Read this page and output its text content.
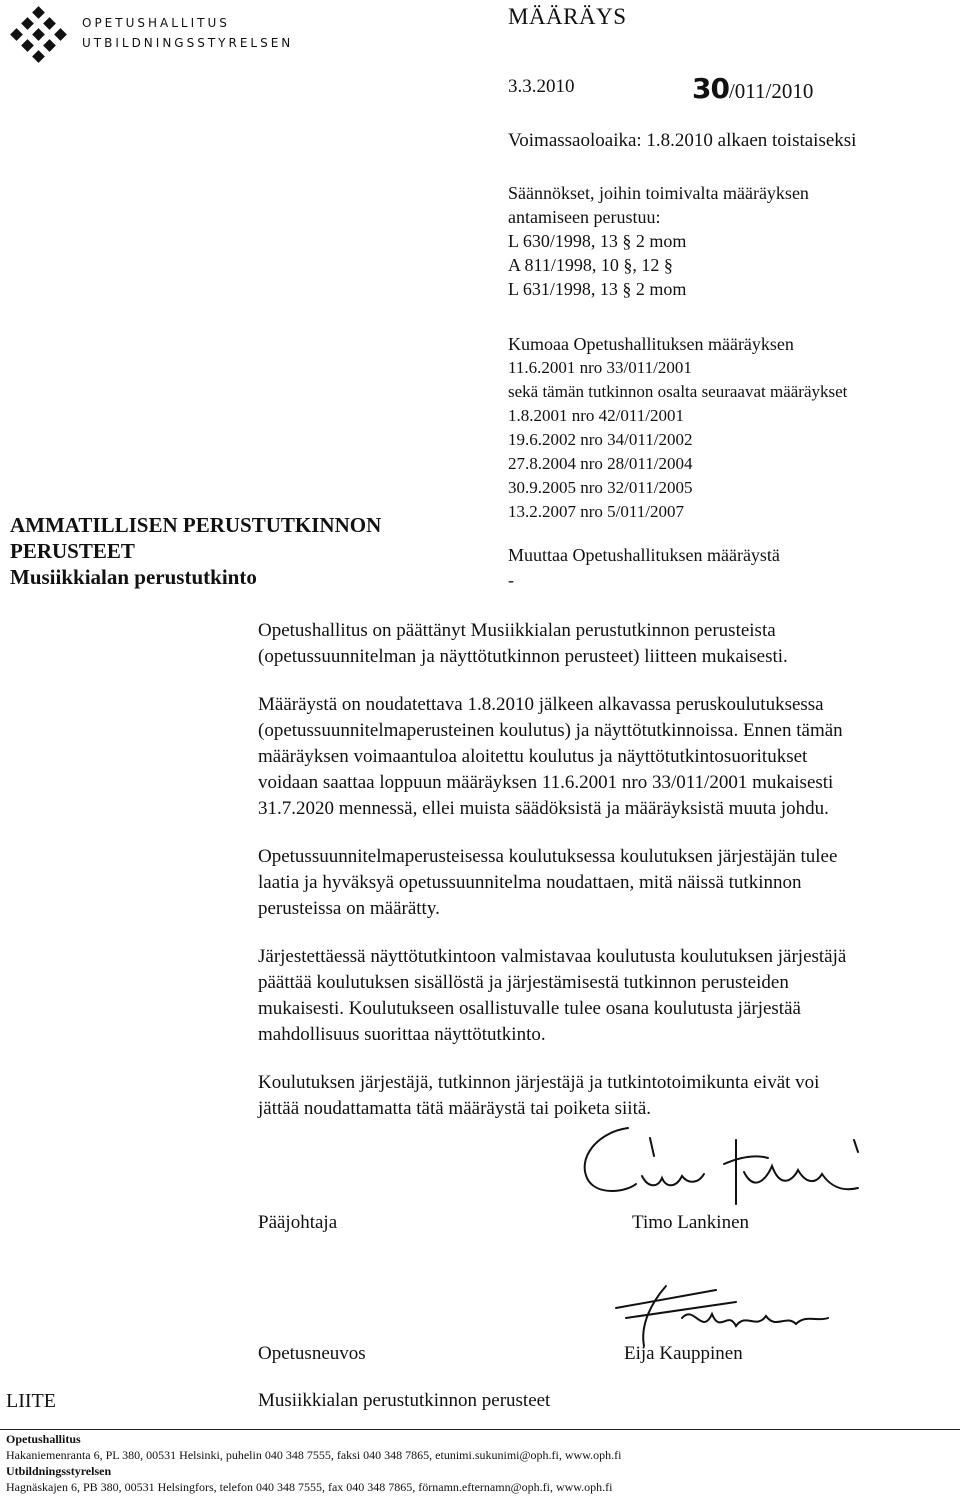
OPETUSHALLITUS
UTBILDNINGSSTYRELSEN
MÄÄRÄYS
3.3.2010	30/011/2010
Voimassaoloaika: 1.8.2010 alkaen toistaiseksi

Säännökset, joihin toimivalta määräyksen

antamiseen perustuu:

L 630/1998, 13 § 2 mom

A 811/1998, 10 §, 12 §

L 631/1998, 13 § 2 mom

Kumoaa Opetushallituksen määräyksen

11.6.2001 nro 33/011/2001

sekä tämän tutkinnon osalta seuraavat määräykset

1.8.2001 nro 42/011/2001

19.6.2002 nro 34/011/2002

27.8.2004 nro 28/011/2004

30.9.2005 nro 32/011/2005

13.2.2007 nro 5/011/2007

Muuttaa Opetushallituksen määräystä
-

AMMATILLISEN PERUSTUTKINNON

PERUSTEET

Musiikkialan perustutkinto

Opetushallitus on päättänyt Musiikkialan perustutkinnon perusteista

(opetussuunnitelman ja näyttötutkinnon perusteet) liitteen mukaisesti.

Määräystä on noudatettava 1.8.2010 jälkeen alkavassa peruskoulutuksessa

(opetussuunnitelmaperusteinen koulutus) ja näyttötutkinnoissa. Ennen tämän

määräyksen voimaantuloa aloitettu koulutus ja näyttötutkintosuoritukset

voidaan saattaa loppuun määräyksen 11.6.2001 nro 33/011/2001 mukaisesti

31.7.2020 mennessä, ellei muista säädöksistä ja määräyksistä muuta johdu.

Opetussuunnitelmaperusteisessa koulutuksessa koulutuksen järjestäjän tulee

laatia ja hyväksyä opetussuunnitelma noudattaen, mitä näissä tutkinnon

perusteissa on määrätty.

Järjestettäessä näyttötutkintoon valmistavaa koulutusta koulutuksen järjestäjä

päättää koulutuksen sisällöstä ja järjestämisestä tutkinnon perusteiden

mukaisesti. Koulutukseen osallistuvalle tulee osana koulutusta järjestää

mahdollisuus suorittaa näyttötutkinto.

Koulutuksen järjestäjä, tutkinnon järjestäjä ja tutkintotoimikunta eivät voi

jättää noudattamatta tätä määräystä tai poiketa siitä.

Pääjohtaja	Timo Lankinen
Opetusneuvos	Eija Kauppinen
LIITE	Musiikkialan perustutkinnon perusteet
Opetushallitus
Hakaniemenranta 6, PL 380, 00531 Helsinki, puhelin 040 348 7555, faksi 040 348 7865, etunimi.sukunimi@oph.fi, www.oph.fi
Utbildningsstyrelsen
Hagnäskajen 6, PB 380, 00531 Helsingfors, telefon 040 348 7555, fax 040 348 7865, förnamn.efternamn@oph.fi, www.oph.fi
